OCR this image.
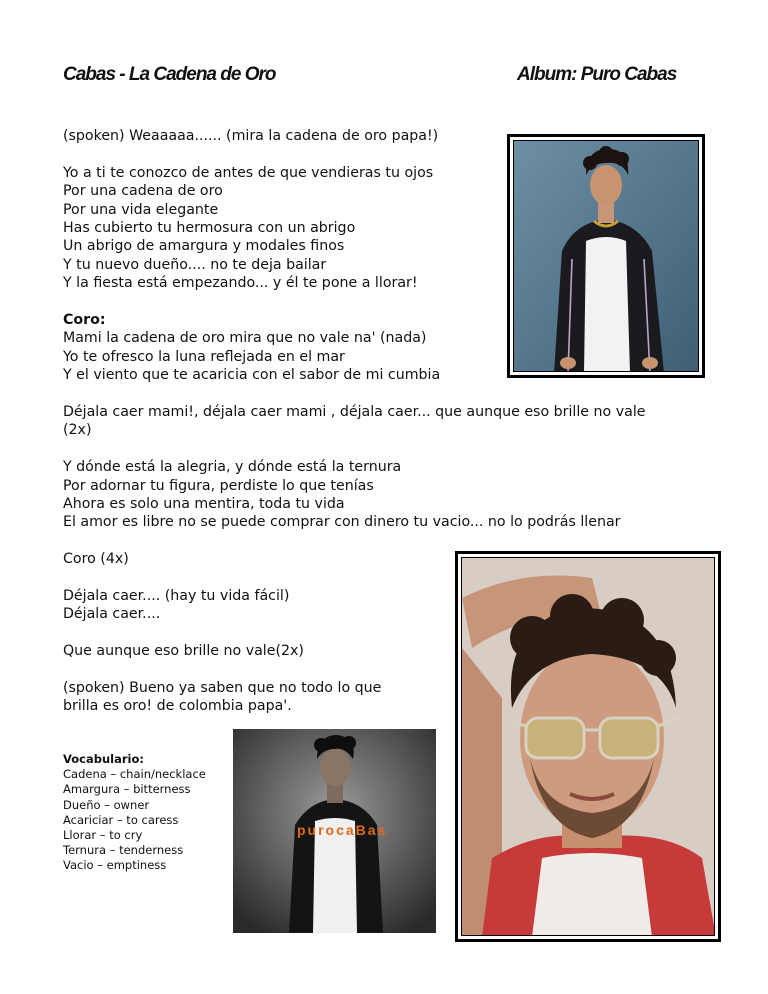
Cabas - La Cadena de Oro	Album: Puro Cabas
(spoken) Weaaaaa...... (mira la cadena de oro papa!)
Yo a ti te conozco de antes de que vendieras tu ojos
Por una cadena de oro
Por una vida elegante
Has cubierto tu hermosura con un abrigo
Un abrigo de amargura y modales finos
Y tu nuevo dueño.... no te deja bailar
Y la fiesta está empezando... y él te pone a llorar!
Coro:
Mami la cadena de oro mira que no vale na' (nada)
Yo te ofresco la luna reflejada en el mar
Y el viento que te acaricia con el sabor de mi cumbia
Déjala caer mami!, déjala caer mami , déjala caer... que aunque eso brille no vale
(2x)
Y dónde está la alegria, y dónde está la ternura
Por adornar tu figura, perdiste lo que tenías
Ahora es solo una mentira, toda tu vida
El amor es libre no se puede comprar con dinero tu vacio... no lo podrás llenar
Coro (4x)
Déjala caer.... (hay tu vida fácil)
Déjala caer....
Que aunque eso brille no vale(2x)
(spoken) Bueno ya saben que no todo lo que
brilla es oro! de colombia papa'.
Vocabulario:
Cadena – chain/necklace
Amargura – bitterness
Dueño – owner
Acariciar – to caress
Llorar – to cry
Ternura – tenderness
Vacio – emptiness
purocaBas
